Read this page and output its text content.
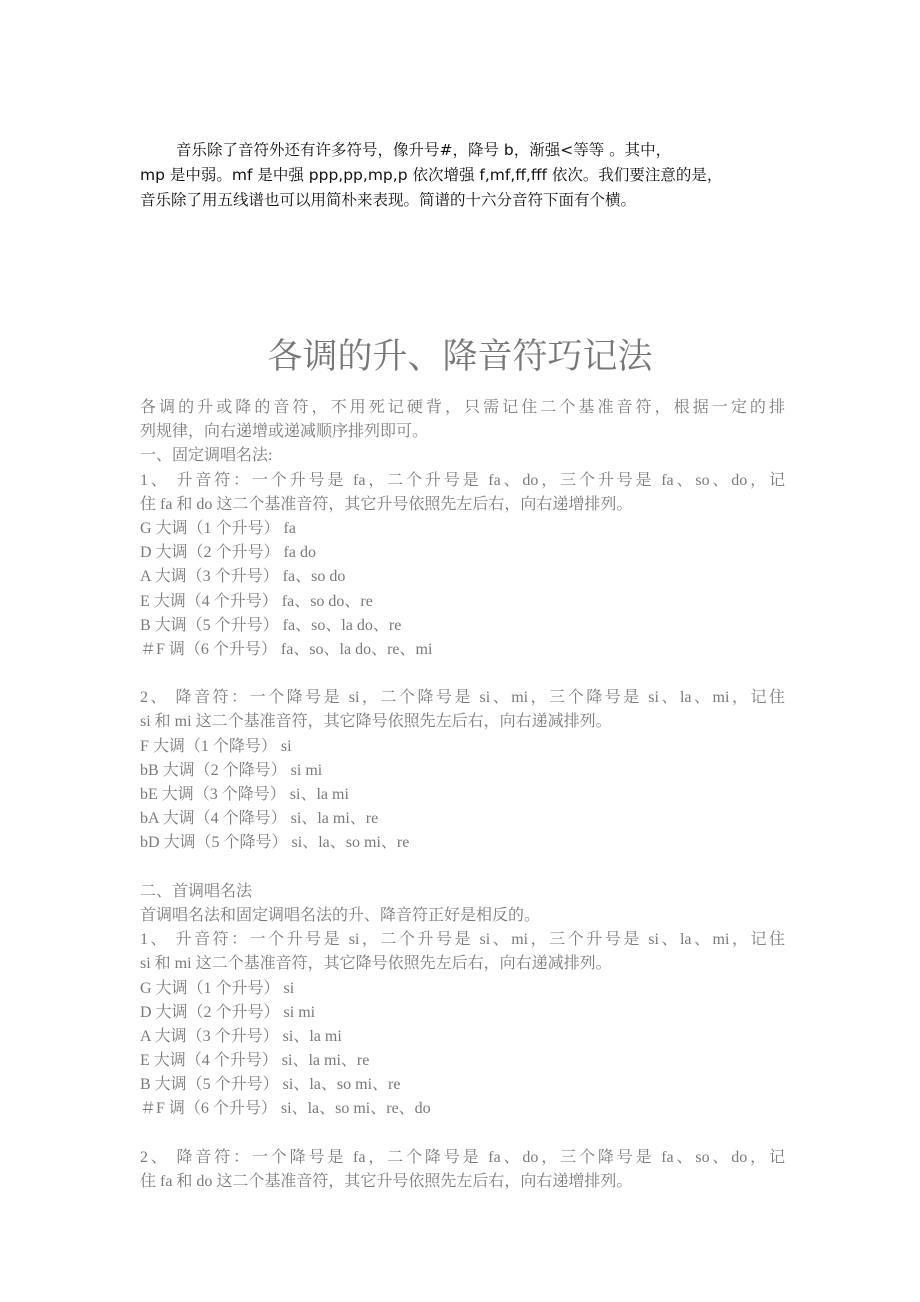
音乐除了音符外还有许多符号，像升号#，降号 b，渐强<等等 。其中，
mp 是中弱。mf 是中强 ppp,pp,mp,p 依次增强 f,mf,ff,fff 依次。我们要注意的是，
音乐除了用五线谱也可以用简朴来表现。简谱的十六分音符下面有个横。

各调的升、降音符巧记法
各调的升或降的音符，不用死记硬背，只需记住二个基准音符，根据一定的排
列规律，向右递增或递减顺序排列即可。
一、固定调唱名法:
1、 升音符：一个升号是 fa，二个升号是 fa、do，三个升号是 fa、so、do，记
住 fa 和 do 这二个基准音符，其它升号依照先左后右，向右递增排列。
G 大调（1 个升号） fa
D 大调（2 个升号） fa do
A 大调（3 个升号） fa、so do
E 大调（4 个升号） fa、so do、re
B 大调（5 个升号） fa、so、la do、re
＃F 调（6 个升号） fa、so、la do、re、mi
2、 降音符：一个降号是 si，二个降号是 si、mi，三个降号是 si、la、mi，记住
si 和 mi 这二个基准音符，其它降号依照先左后右，向右递减排列。
F 大调（1 个降号） si
bB 大调（2 个降号） si mi
bE 大调（3 个降号） si、la mi
bA 大调（4 个降号） si、la mi、re
bD 大调（5 个降号） si、la、so mi、re
二、首调唱名法
首调唱名法和固定调唱名法的升、降音符正好是相反的。
1、 升音符：一个升号是 si，二个升号是 si、mi，三个升号是 si、la、mi，记住
si 和 mi 这二个基准音符，其它降号依照先左后右，向右递减排列。
G 大调（1 个升号） si
D 大调（2 个升号） si mi
A 大调（3 个升号） si、la mi
E 大调（4 个升号） si、la mi、re
B 大调（5 个升号） si、la、so mi、re
＃F 调（6 个升号） si、la、so mi、re、do
2、 降音符：一个降号是 fa，二个降号是 fa、do，三个降号是 fa、so、do，记
住 fa 和 do 这二个基准音符，其它升号依照先左后右，向右递增排列。
